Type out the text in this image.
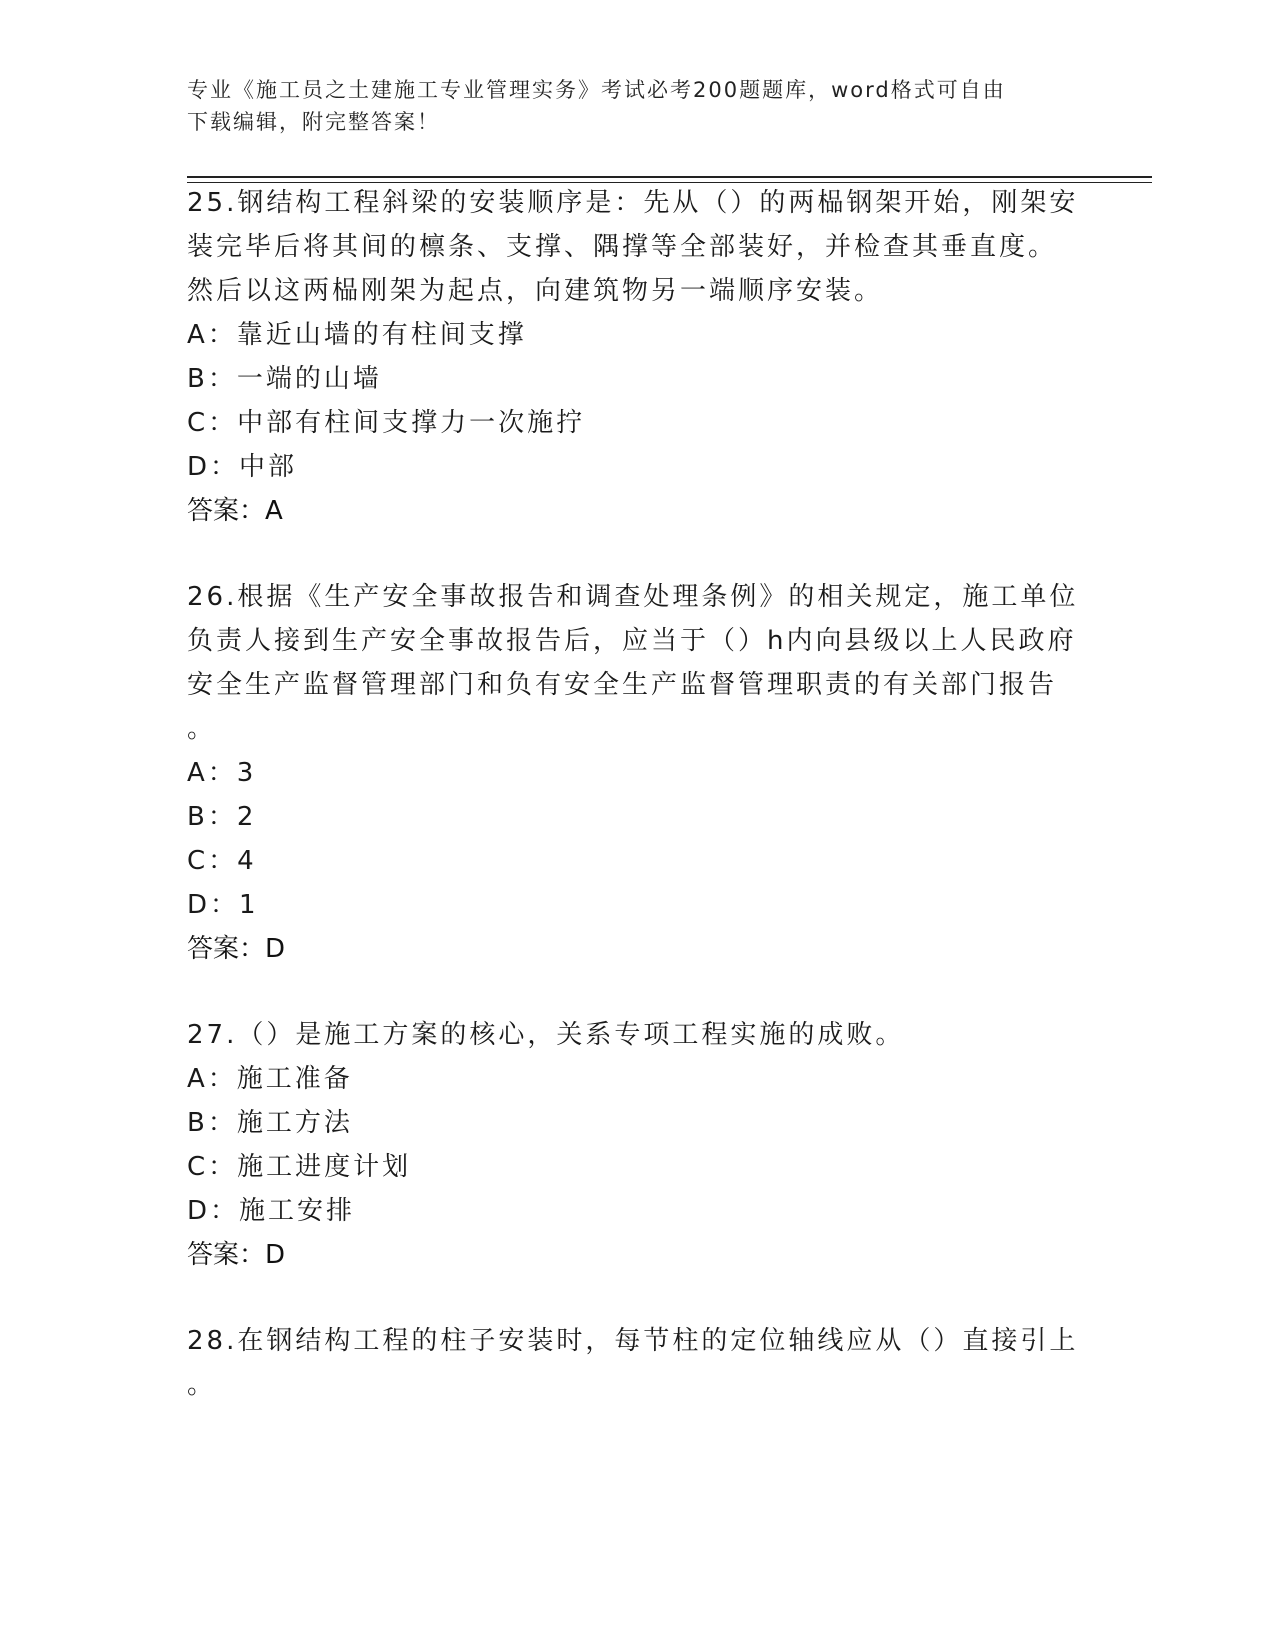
专业《施工员之土建施工专业管理实务》考试必考200题题库，word格式可自由
下载编辑，附完整答案！
25.钢结构工程斜梁的安装顺序是：先从（）的两榀钢架开始，刚架安
装完毕后将其间的檩条、支撑、隅撑等全部装好，并检查其垂直度。
然后以这两榀刚架为起点，向建筑物另一端顺序安装。
A：靠近山墙的有柱间支撑
B：一端的山墙
C：中部有柱间支撑力一次施拧
D：中部
答案：A
26.根据《生产安全事故报告和调查处理条例》的相关规定，施工单位
负责人接到生产安全事故报告后，应当于（）h内向县级以上人民政府
安全生产监督管理部门和负有安全生产监督管理职责的有关部门报告
。
A：3
B：2
C：4
D：1
答案：D
27.（）是施工方案的核心，关系专项工程实施的成败。
A：施工准备
B：施工方法
C：施工进度计划
D：施工安排
答案：D
28.在钢结构工程的柱子安装时，每节柱的定位轴线应从（）直接引上
。
